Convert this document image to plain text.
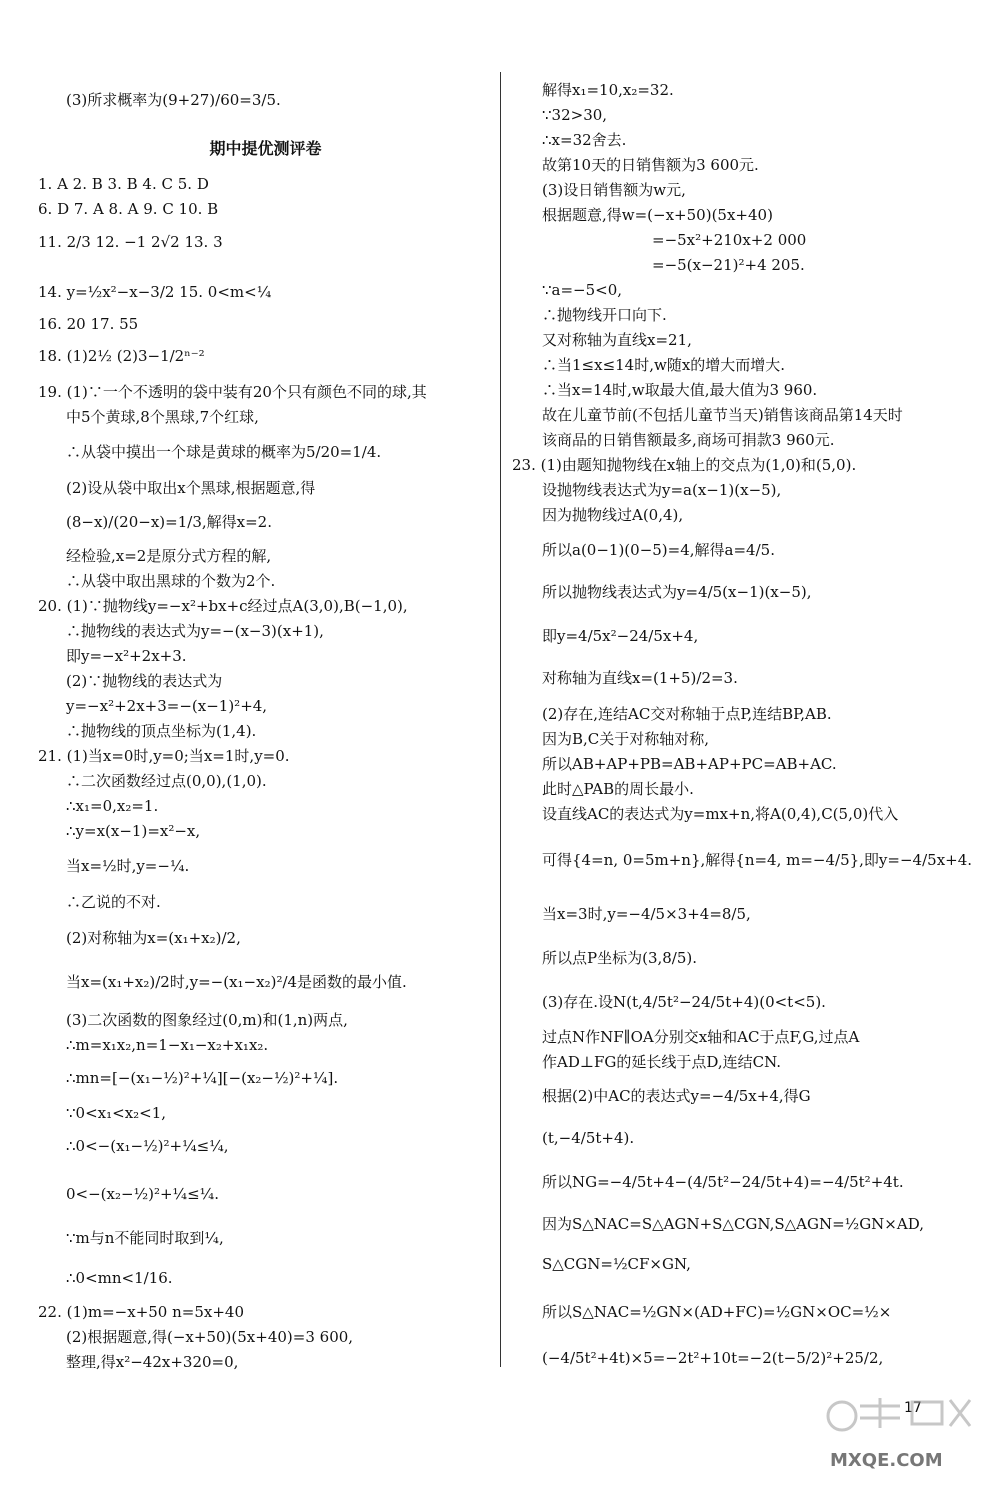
(3)所求概率为(9+27)/60=3/5.
期中提优测评卷
1. A 2. B 3. B 4. C 5. D
6. D 7. A 8. A 9. C 10. B
11. 2/3 12. −1 2√2 13. 3
14. y=½x²−x−3/2 15. 0<m<¼
16. 20 17. 55
18. (1)2½ (2)3−1/2ⁿ⁻²
19. (1)∵一个不透明的袋中装有20个只有颜色不同的球,其
中5个黄球,8个黑球,7个红球,
∴从袋中摸出一个球是黄球的概率为5/20=1/4.
(2)设从袋中取出x个黑球,根据题意,得
(8−x)/(20−x)=1/3,解得x=2.
经检验,x=2是原分式方程的解,
∴从袋中取出黑球的个数为2个.
20. (1)∵抛物线y=−x²+bx+c经过点A(3,0),B(−1,0),
∴抛物线的表达式为y=−(x−3)(x+1),
即y=−x²+2x+3.
(2)∵抛物线的表达式为
y=−x²+2x+3=−(x−1)²+4,
∴抛物线的顶点坐标为(1,4).
21. (1)当x=0时,y=0;当x=1时,y=0.
∴二次函数经过点(0,0),(1,0).
∴x₁=0,x₂=1.
∴y=x(x−1)=x²−x,
当x=½时,y=−¼.
∴乙说的不对.
(2)对称轴为x=(x₁+x₂)/2,
当x=(x₁+x₂)/2时,y=−(x₁−x₂)²/4是函数的最小值.
(3)二次函数的图象经过(0,m)和(1,n)两点,
∴m=x₁x₂,n=1−x₁−x₂+x₁x₂.
∴mn=[−(x₁−½)²+¼][−(x₂−½)²+¼].
∵0<x₁<x₂<1,
∴0<−(x₁−½)²+¼≤¼,
0<−(x₂−½)²+¼≤¼.
∵m与n不能同时取到¼,
∴0<mn<1/16.
22. (1)m=−x+50 n=5x+40
(2)根据题意,得(−x+50)(5x+40)=3 600,
整理,得x²−42x+320=0,
解得x₁=10,x₂=32.
∵32>30,
∴x=32舍去.
故第10天的日销售额为3 600元.
(3)设日销售额为w元,
根据题意,得w=(−x+50)(5x+40)
=−5x²+210x+2 000
=−5(x−21)²+4 205.
∵a=−5<0,
∴抛物线开口向下.
又对称轴为直线x=21,
∴当1≤x≤14时,w随x的增大而增大.
∴当x=14时,w取最大值,最大值为3 960.
故在儿童节前(不包括儿童节当天)销售该商品第14天时
该商品的日销售额最多,商场可捐款3 960元.
23. (1)由题知抛物线在x轴上的交点为(1,0)和(5,0).
设抛物线表达式为y=a(x−1)(x−5),
因为抛物线过A(0,4),
所以a(0−1)(0−5)=4,解得a=4/5.
所以抛物线表达式为y=4/5(x−1)(x−5),
即y=4/5x²−24/5x+4,
对称轴为直线x=(1+5)/2=3.
(2)存在,连结AC交对称轴于点P,连结BP,AB.
因为B,C关于对称轴对称,
所以AB+AP+PB=AB+AP+PC=AB+AC.
此时△PAB的周长最小.
设直线AC的表达式为y=mx+n,将A(0,4),C(5,0)代入
可得{4=n, 0=5m+n},解得{n=4, m=−4/5},即y=−4/5x+4.
当x=3时,y=−4/5×3+4=8/5,
所以点P坐标为(3,8/5).
(3)存在.设N(t,4/5t²−24/5t+4)(0<t<5).
过点N作NF∥OA分别交x轴和AC于点F,G,过点A
作AD⊥FG的延长线于点D,连结CN.
根据(2)中AC的表达式y=−4/5x+4,得G
(t,−4/5t+4).
所以NG=−4/5t+4−(4/5t²−24/5t+4)=−4/5t²+4t.
因为S△NAC=S△AGN+S△CGN,S△AGN=½GN×AD,
S△CGN=½CF×GN,
所以S△NAC=½GN×(AD+FC)=½GN×OC=½×
(−4/5t²+4t)×5=−2t²+10t=−2(t−5/2)²+25/2,
17
MXQE.COM
